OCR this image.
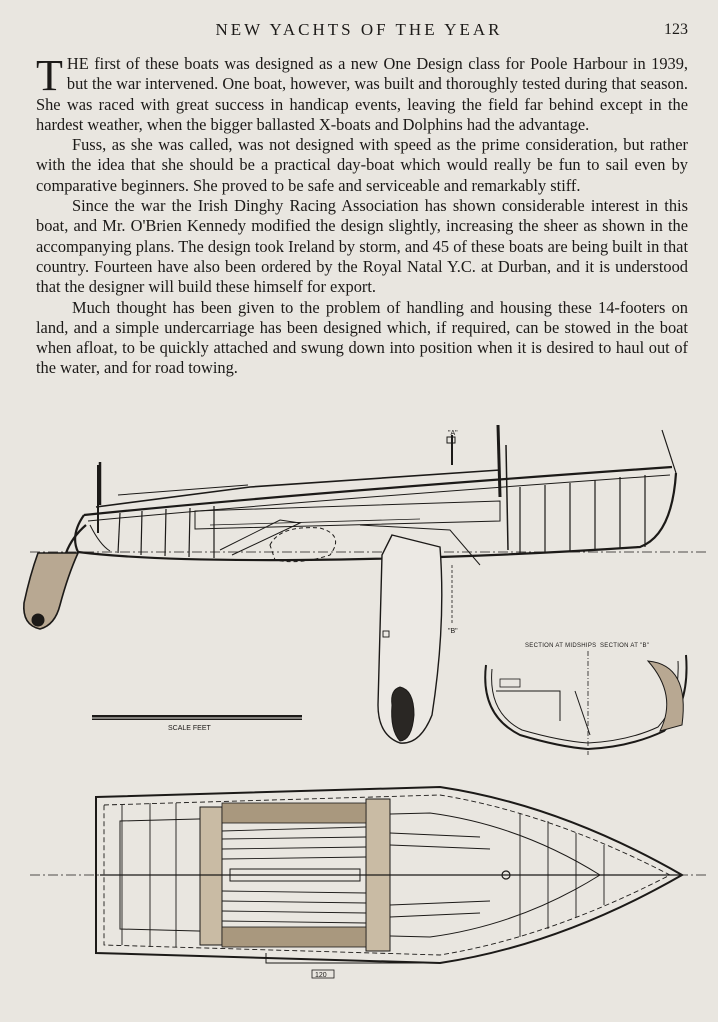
NEW YACHTS OF THE YEAR	123

THE first of these boats was designed as a new One Design class for Poole Harbour in 1939, but the war intervened. One boat, however, was built and thoroughly tested during that season. She was raced with great success in handicap events, leaving the field far behind except in the hardest weather, when the bigger ballasted X-boats and Dolphins had the advantage.

Fuss, as she was called, was not designed with speed as the prime consideration, but rather with the idea that she should be a practical day-boat which would really be fun to sail even by comparative beginners. She proved to be safe and serviceable and remarkably stiff.

Since the war the Irish Dinghy Racing Association has shown considerable interest in this boat, and Mr. O'Brien Kennedy modified the design slightly, increasing the sheer as shown in the accompanying plans. The design took Ireland by storm, and 45 of these boats are being built in that country. Fourteen have also been ordered by the Royal Natal Y.C. at Durban, and it is understood that the designer will build these himself for export.

Much thought has been given to the problem of handling and housing these 14-footers on land, and a simple undercarriage has been designed which, if required, can be stowed in the boat when afloat, to be quickly attached and swung down into position when it is desired to haul out of the water, and for road towing.

"A"
"B"
SCALE FEET
SECTION AT MIDSHIPS SECTION AT "B"
120
